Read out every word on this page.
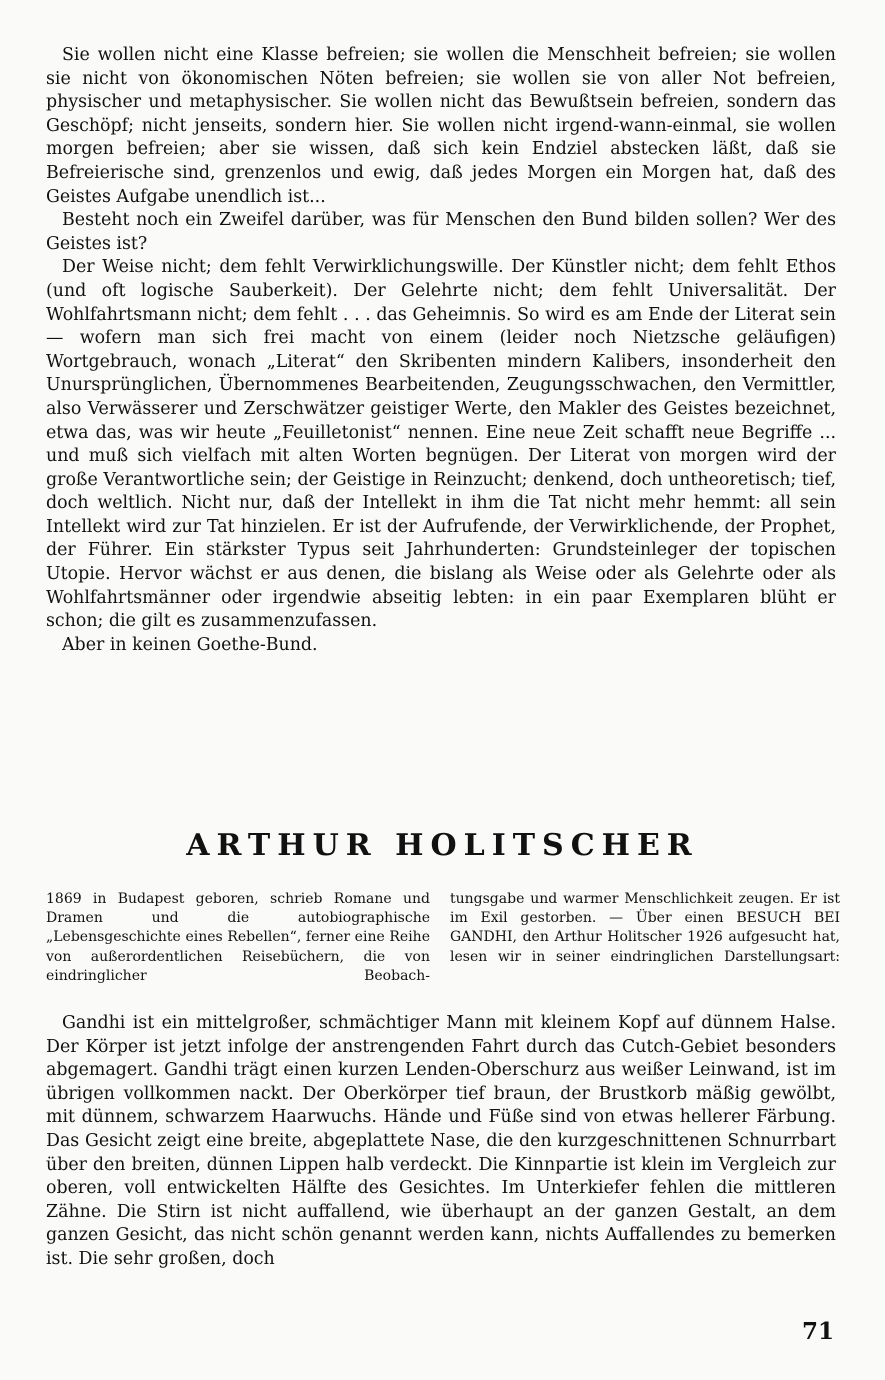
Sie wollen nicht eine Klasse befreien; sie wollen die Menschheit befreien; sie wollen sie nicht von ökonomischen Nöten befreien; sie wollen sie von aller Not befreien, physischer und metaphysischer. Sie wollen nicht das Bewußtsein befreien, sondern das Geschöpf; nicht jenseits, sondern hier. Sie wollen nicht irgend-wann-einmal, sie wollen morgen befreien; aber sie wissen, daß sich kein Endziel abstecken läßt, daß sie Befreierische sind, grenzenlos und ewig, daß jedes Morgen ein Morgen hat, daß des Geistes Aufgabe unendlich ist...

Besteht noch ein Zweifel darüber, was für Menschen den Bund bilden sollen? Wer des Geistes ist?

Der Weise nicht; dem fehlt Verwirklichungswille. Der Künstler nicht; dem fehlt Ethos (und oft logische Sauberkeit). Der Gelehrte nicht; dem fehlt Universalität. Der Wohlfahrtsmann nicht; dem fehlt . . . das Geheimnis. So wird es am Ende der Literat sein — wofern man sich frei macht von einem (leider noch Nietzsche geläufigen) Wortgebrauch, wonach „Literat“ den Skribenten mindern Kalibers, insonderheit den Unursprünglichen, Übernommenes Bearbeitenden, Zeugungsschwachen, den Vermittler, also Verwässerer und Zerschwätzer geistiger Werte, den Makler des Geistes bezeichnet, etwa das, was wir heute „Feuilletonist“ nennen. Eine neue Zeit schafft neue Begriffe ... und muß sich vielfach mit alten Worten begnügen. Der Literat von morgen wird der große Verantwortliche sein; der Geistige in Reinzucht; denkend, doch untheoretisch; tief, doch weltlich. Nicht nur, daß der Intellekt in ihm die Tat nicht mehr hemmt: all sein Intellekt wird zur Tat hinzielen. Er ist der Aufrufende, der Verwirklichende, der Prophet, der Führer. Ein stärkster Typus seit Jahrhunderten: Grundsteinleger der topischen Utopie. Hervor wächst er aus denen, die bislang als Weise oder als Gelehrte oder als Wohlfahrtsmänner oder irgendwie abseitig lebten: in ein paar Exemplaren blüht er schon; die gilt es zusammenzufassen.

Aber in keinen Goethe-Bund.

ARTHUR HOLITSCHER
1869 in Budapest geboren, schrieb Romane und Dramen und die autobiographische „Lebensgeschichte eines Rebellen“, ferner eine Reihe von außerordentlichen Reisebüchern, die von eindringlicher Beobach-
tungsgabe und warmer Menschlichkeit zeugen. Er ist im Exil gestorben. — Über einen BESUCH BEI GANDHI, den Arthur Holitscher 1926 aufgesucht hat, lesen wir in seiner eindringlichen Darstellungsart:

Gandhi ist ein mittelgroßer, schmächtiger Mann mit kleinem Kopf auf dünnem Halse. Der Körper ist jetzt infolge der anstrengenden Fahrt durch das Cutch-Gebiet besonders abgemagert. Gandhi trägt einen kurzen Lenden-Oberschurz aus weißer Leinwand, ist im übrigen vollkommen nackt. Der Oberkörper tief braun, der Brustkorb mäßig gewölbt, mit dünnem, schwarzem Haarwuchs. Hände und Füße sind von etwas hellerer Färbung. Das Gesicht zeigt eine breite, abgeplattete Nase, die den kurzgeschnittenen Schnurrbart über den breiten, dünnen Lippen halb verdeckt. Die Kinnpartie ist klein im Vergleich zur oberen, voll entwickelten Hälfte des Gesichtes. Im Unterkiefer fehlen die mittleren Zähne. Die Stirn ist nicht auffallend, wie überhaupt an der ganzen Gestalt, an dem ganzen Gesicht, das nicht schön genannt werden kann, nichts Auffallendes zu bemerken ist. Die sehr großen, doch

71
